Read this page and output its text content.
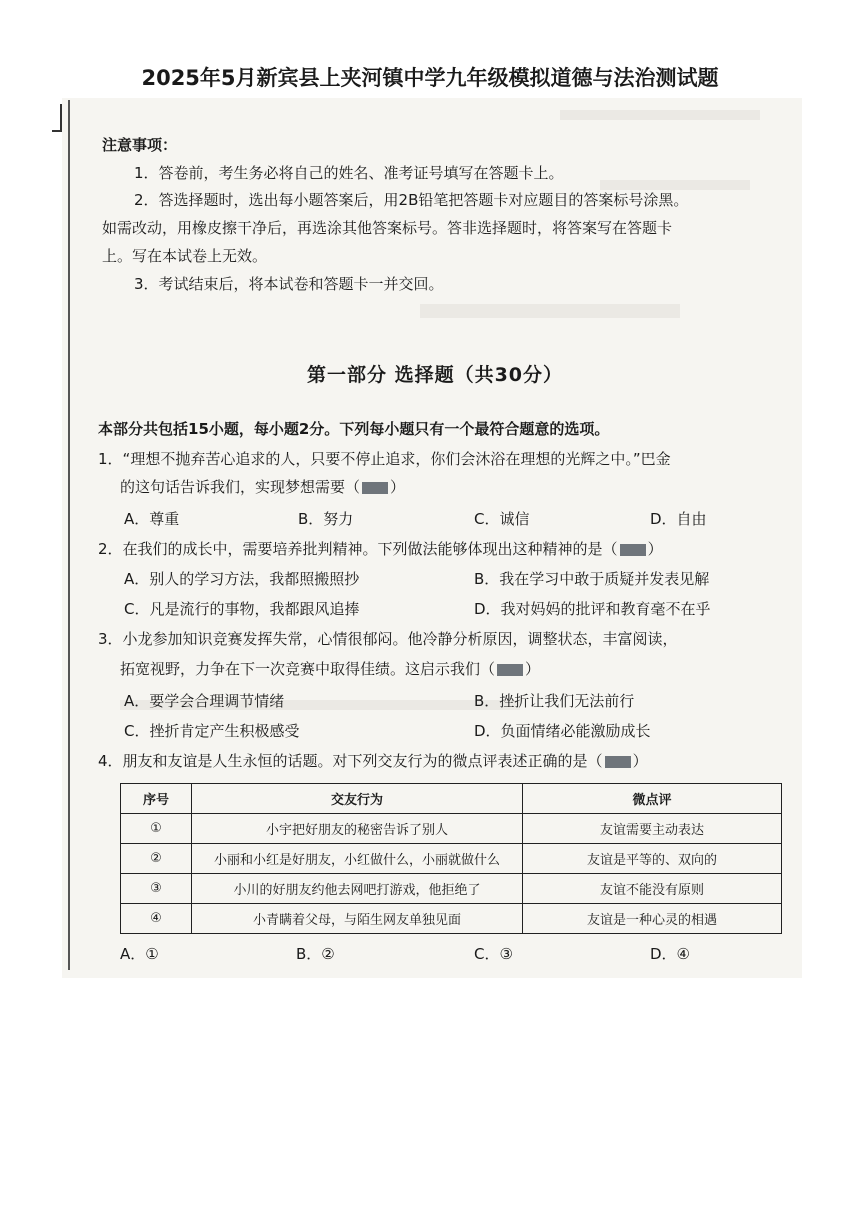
2025年5月新宾县上夹河镇中学九年级模拟道德与法治测试题
注意事项：
1．答卷前，考生务必将自己的姓名、准考证号填写在答题卡上。
2．答选择题时，选出每小题答案后，用2B铅笔把答题卡对应题目的答案标号涂黑。
如需改动，用橡皮擦干净后，再选涂其他答案标号。答非选择题时，将答案写在答题卡
上。写在本试卷上无效。
3．考试结束后，将本试卷和答题卡一并交回。
第一部分 选择题（共30分）
本部分共包括15小题，每小题2分。下列每小题只有一个最符合题意的选项。
1．“理想不抛弃苦心追求的人，只要不停止追求，你们会沐浴在理想的光辉之中。”巴金
的这句话告诉我们，实现梦想需要（ ）
A．尊重	B．努力	C．诚信	D．自由
2．在我们的成长中，需要培养批判精神。下列做法能够体现出这种精神的是（ ）
A．别人的学习方法，我都照搬照抄	B．我在学习中敢于质疑并发表见解
C．凡是流行的事物，我都跟风追捧	D．我对妈妈的批评和教育毫不在乎
3．小龙参加知识竞赛发挥失常，心情很郁闷。他冷静分析原因，调整状态，丰富阅读，
拓宽视野，力争在下一次竞赛中取得佳绩。这启示我们（ ）
A．要学会合理调节情绪	B．挫折让我们无法前行
C．挫折肯定产生积极感受	D．负面情绪必能激励成长
4．朋友和友谊是人生永恒的话题。对下列交友行为的微点评表述正确的是（ ）
序号	交友行为	微点评
①	小宇把好朋友的秘密告诉了别人	友谊需要主动表达
②	小丽和小红是好朋友，小红做什么，小丽就做什么	友谊是平等的、双向的
③	小川的好朋友约他去网吧打游戏，他拒绝了	友谊不能没有原则
④	小青瞒着父母，与陌生网友单独见面	友谊是一种心灵的相遇
A．①	B．②	C．③	D．④
